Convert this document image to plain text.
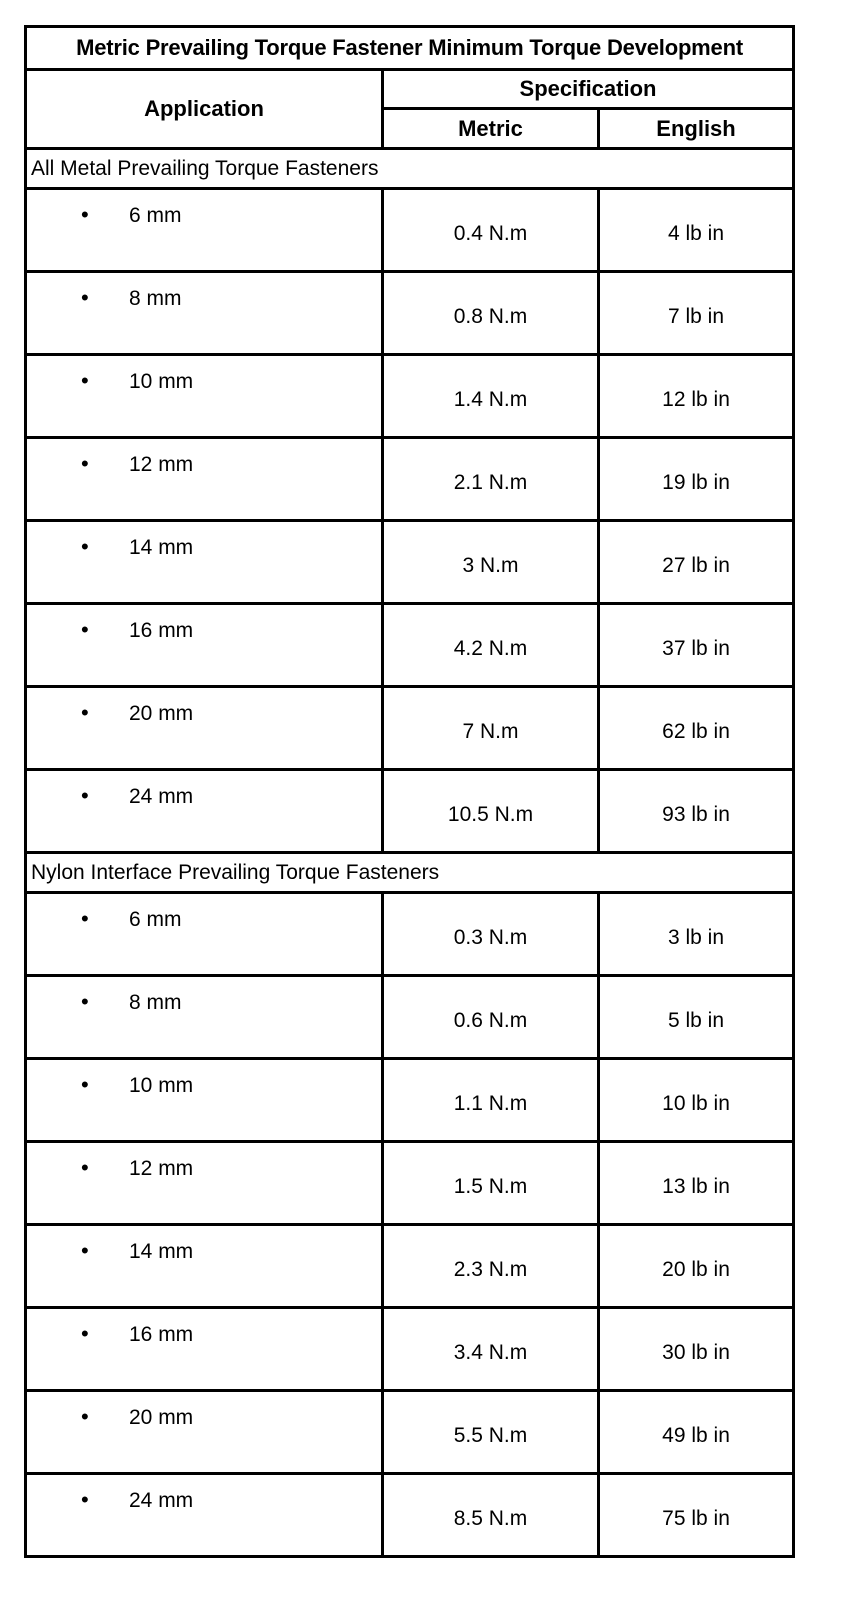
Metric Prevailing Torque Fastener Minimum Torque Development		
Application	Specification	
	Metric	English
All Metal Prevailing Torque Fasteners		
• 6 mm	0.4 N.m	4 lb in
• 8 mm	0.8 N.m	7 lb in
• 10 mm	1.4 N.m	12 lb in
• 12 mm	2.1 N.m	19 lb in
• 14 mm	3 N.m	27 lb in
• 16 mm	4.2 N.m	37 lb in
• 20 mm	7 N.m	62 lb in
• 24 mm	10.5 N.m	93 lb in
Nylon Interface Prevailing Torque Fasteners		
• 6 mm	0.3 N.m	3 lb in
• 8 mm	0.6 N.m	5 lb in
• 10 mm	1.1 N.m	10 lb in
• 12 mm	1.5 N.m	13 lb in
• 14 mm	2.3 N.m	20 lb in
• 16 mm	3.4 N.m	30 lb in
• 20 mm	5.5 N.m	49 lb in
• 24 mm	8.5 N.m	75 lb in
